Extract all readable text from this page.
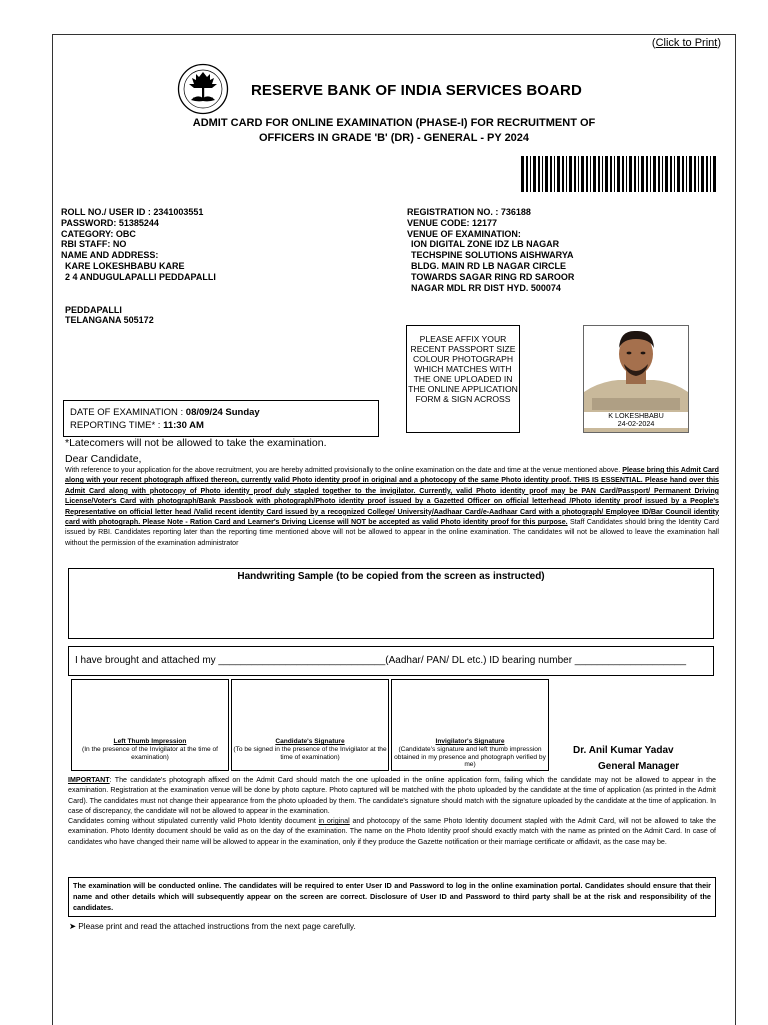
(Click to Print)
RESERVE BANK OF INDIA SERVICES BOARD
ADMIT CARD FOR ONLINE EXAMINATION (PHASE-I) FOR RECRUITMENT OF
OFFICERS IN GRADE 'B' (DR) - GENERAL - PY 2024
ROLL NO./ USER ID : 2341003551
PASSWORD: 51385244
CATEGORY: OBC
RBI STAFF: NO
NAME AND ADDRESS:
KARE LOKESHBABU KARE
2 4 ANDUGULAPALLI PEDDAPALLI
PEDDAPALLI
TELANGANA 505172
REGISTRATION NO. : 736188
VENUE CODE: 12177
VENUE OF EXAMINATION:
ION DIGITAL ZONE IDZ LB NAGAR
TECHSPINE SOLUTIONS AISHWARYA
BLDG. MAIN RD LB NAGAR CIRCLE
TOWARDS SAGAR RING RD SAROOR
NAGAR MDL RR DIST HYD. 500074
PLEASE AFFIX YOUR RECENT PASSPORT SIZE COLOUR PHOTOGRAPH WHICH MATCHES WITH THE ONE UPLOADED IN THE ONLINE APPLICATION FORM & SIGN ACROSS
K LOKESHBABU
24-02-2024
DATE OF EXAMINATION : 08/09/24 Sunday
REPORTING TIME* : 11:30 AM
*Latecomers will not be allowed to take the examination.
Dear Candidate,
With reference to your application for the above recruitment, you are hereby admitted provisionally to the online examination on the date and time at the venue mentioned above. Please bring this Admit Card along with your recent photograph affixed thereon, currently valid Photo identity proof in original and a photocopy of the same Photo identity proof. THIS IS ESSENTIAL. Please hand over this Admit Card along with photocopy of Photo identity proof duly stapled together to the invigilator. Currently, valid Photo identity proof may be PAN Card/Passport/ Permanent Driving License/Voter's Card with photograph/Bank Passbook with photograph/Photo identity proof issued by a Gazetted Officer on official letterhead /Photo identity proof issued by a People's Representative on official letter head /Valid recent identity Card issued by a recognized College/ University/Aadhaar Card/e-Aadhaar Card with a photograph/ Employee ID/Bar Council identity card with photograph. Please Note - Ration Card and Learner's Driving License will NOT be accepted as valid Photo identity proof for this purpose. Staff Candidates should bring the Identity Card issued by RBI. Candidates reporting later than the reporting time mentioned above will not be allowed to appear in the online examination. The candidates will not be allowed to leave the examination hall without the permission of the examination administrator
Handwriting Sample (to be copied from the screen as instructed)
I have brought and attached my ______________________________(Aadhar/ PAN/ DL etc.) ID bearing number ____________________
Left Thumb Impression
(In the presence of the Invigilator at the time of examination)
Candidate's Signature
(To be signed in the presence of the Invigilator at the time of examination)
Invigilator's Signature
(Candidate's signature and left thumb impression obtained in my presence and photograph verified by me)
Dr. Anil Kumar Yadav
General Manager
IMPORTANT: The candidate's photograph affixed on the Admit Card should match the one uploaded in the online application form, failing which the candidate may not be allowed to appear in the examination. Registration at the examination venue will be done by photo capture. Photo captured will be matched with the photo uploaded by the candidate at the time of application (as printed in the Admit Card). The candidates must not change their appearance from the photo uploaded by them. The candidate's signature should match with the signature uploaded by the candidate at the time of application. In case of discrepancy, the candidate will not be allowed to appear in the examination.
Candidates coming without stipulated currently valid Photo Identity document in original and photocopy of the same Photo Identity document stapled with the Admit Card, will not be allowed to take the examination. Photo Identity document should be valid as on the day of the examination. The name on the Photo Identity proof should exactly match with the name as printed on the Admit Card. In case of candidates who have changed their name will be allowed to appear in the examination, only if they produce the Gazette notification or their marriage certificate or affidavit, as the case may be.
The examination will be conducted online. The candidates will be required to enter User ID and Password to log in the online examination portal. Candidates should ensure that their name and other details which will subsequently appear on the screen are correct. Disclosure of User ID and Password to third party shall be at the risk and responsibility of the candidates.
➤ Please print and read the attached instructions from the next page carefully.
